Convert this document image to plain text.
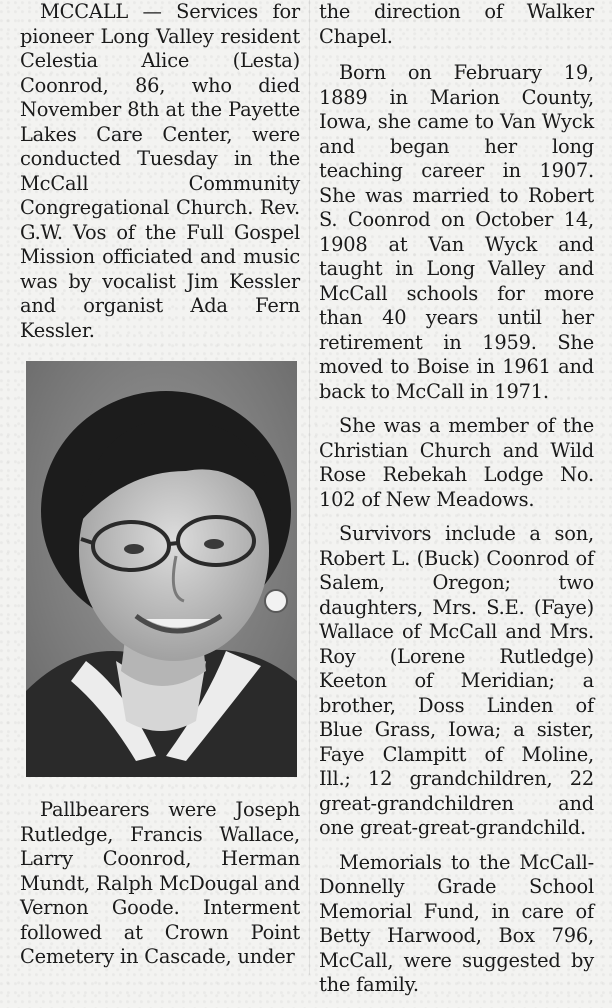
MCCALL — Services for pioneer Long Valley resident Celestia Alice (Lesta) Coonrod, 86, who died November 8th at the Payette Lakes Care Center, were conducted Tuesday in the McCall Community Congregational Church. Rev. G.W. Vos of the Full Gospel Mission officiated and music was by vocalist Jim Kessler and organist Ada Fern Kessler.

Pallbearers were Joseph Rutledge, Francis Wallace, Larry Coonrod, Herman Mundt, Ralph McDougal and Vernon Goode. Interment followed at Crown Point Cemetery in Cascade, under

the direction of Walker Chapel.

Born on February 19, 1889 in Marion County, Iowa, she came to Van Wyck and began her long teaching career in 1907. She was married to Robert S. Coonrod on October 14, 1908 at Van Wyck and taught in Long Valley and McCall schools for more than 40 years until her retirement in 1959. She moved to Boise in 1961 and back to McCall in 1971.

She was a member of the Christian Church and Wild Rose Rebekah Lodge No. 102 of New Meadows.

Survivors include a son, Robert L. (Buck) Coonrod of Salem, Oregon; two daughters, Mrs. S.E. (Faye) Wallace of McCall and Mrs. Roy (Lorene Rutledge) Keeton of Meridian; a brother, Doss Linden of Blue Grass, Iowa; a sister, Faye Clampitt of Moline, Ill.; 12 grandchildren, 22 great-grandchildren and one great-great-grandchild.

Memorials to the McCall-Donnelly Grade School Memorial Fund, in care of Betty Harwood, Box 796, McCall, were suggested by the family.
